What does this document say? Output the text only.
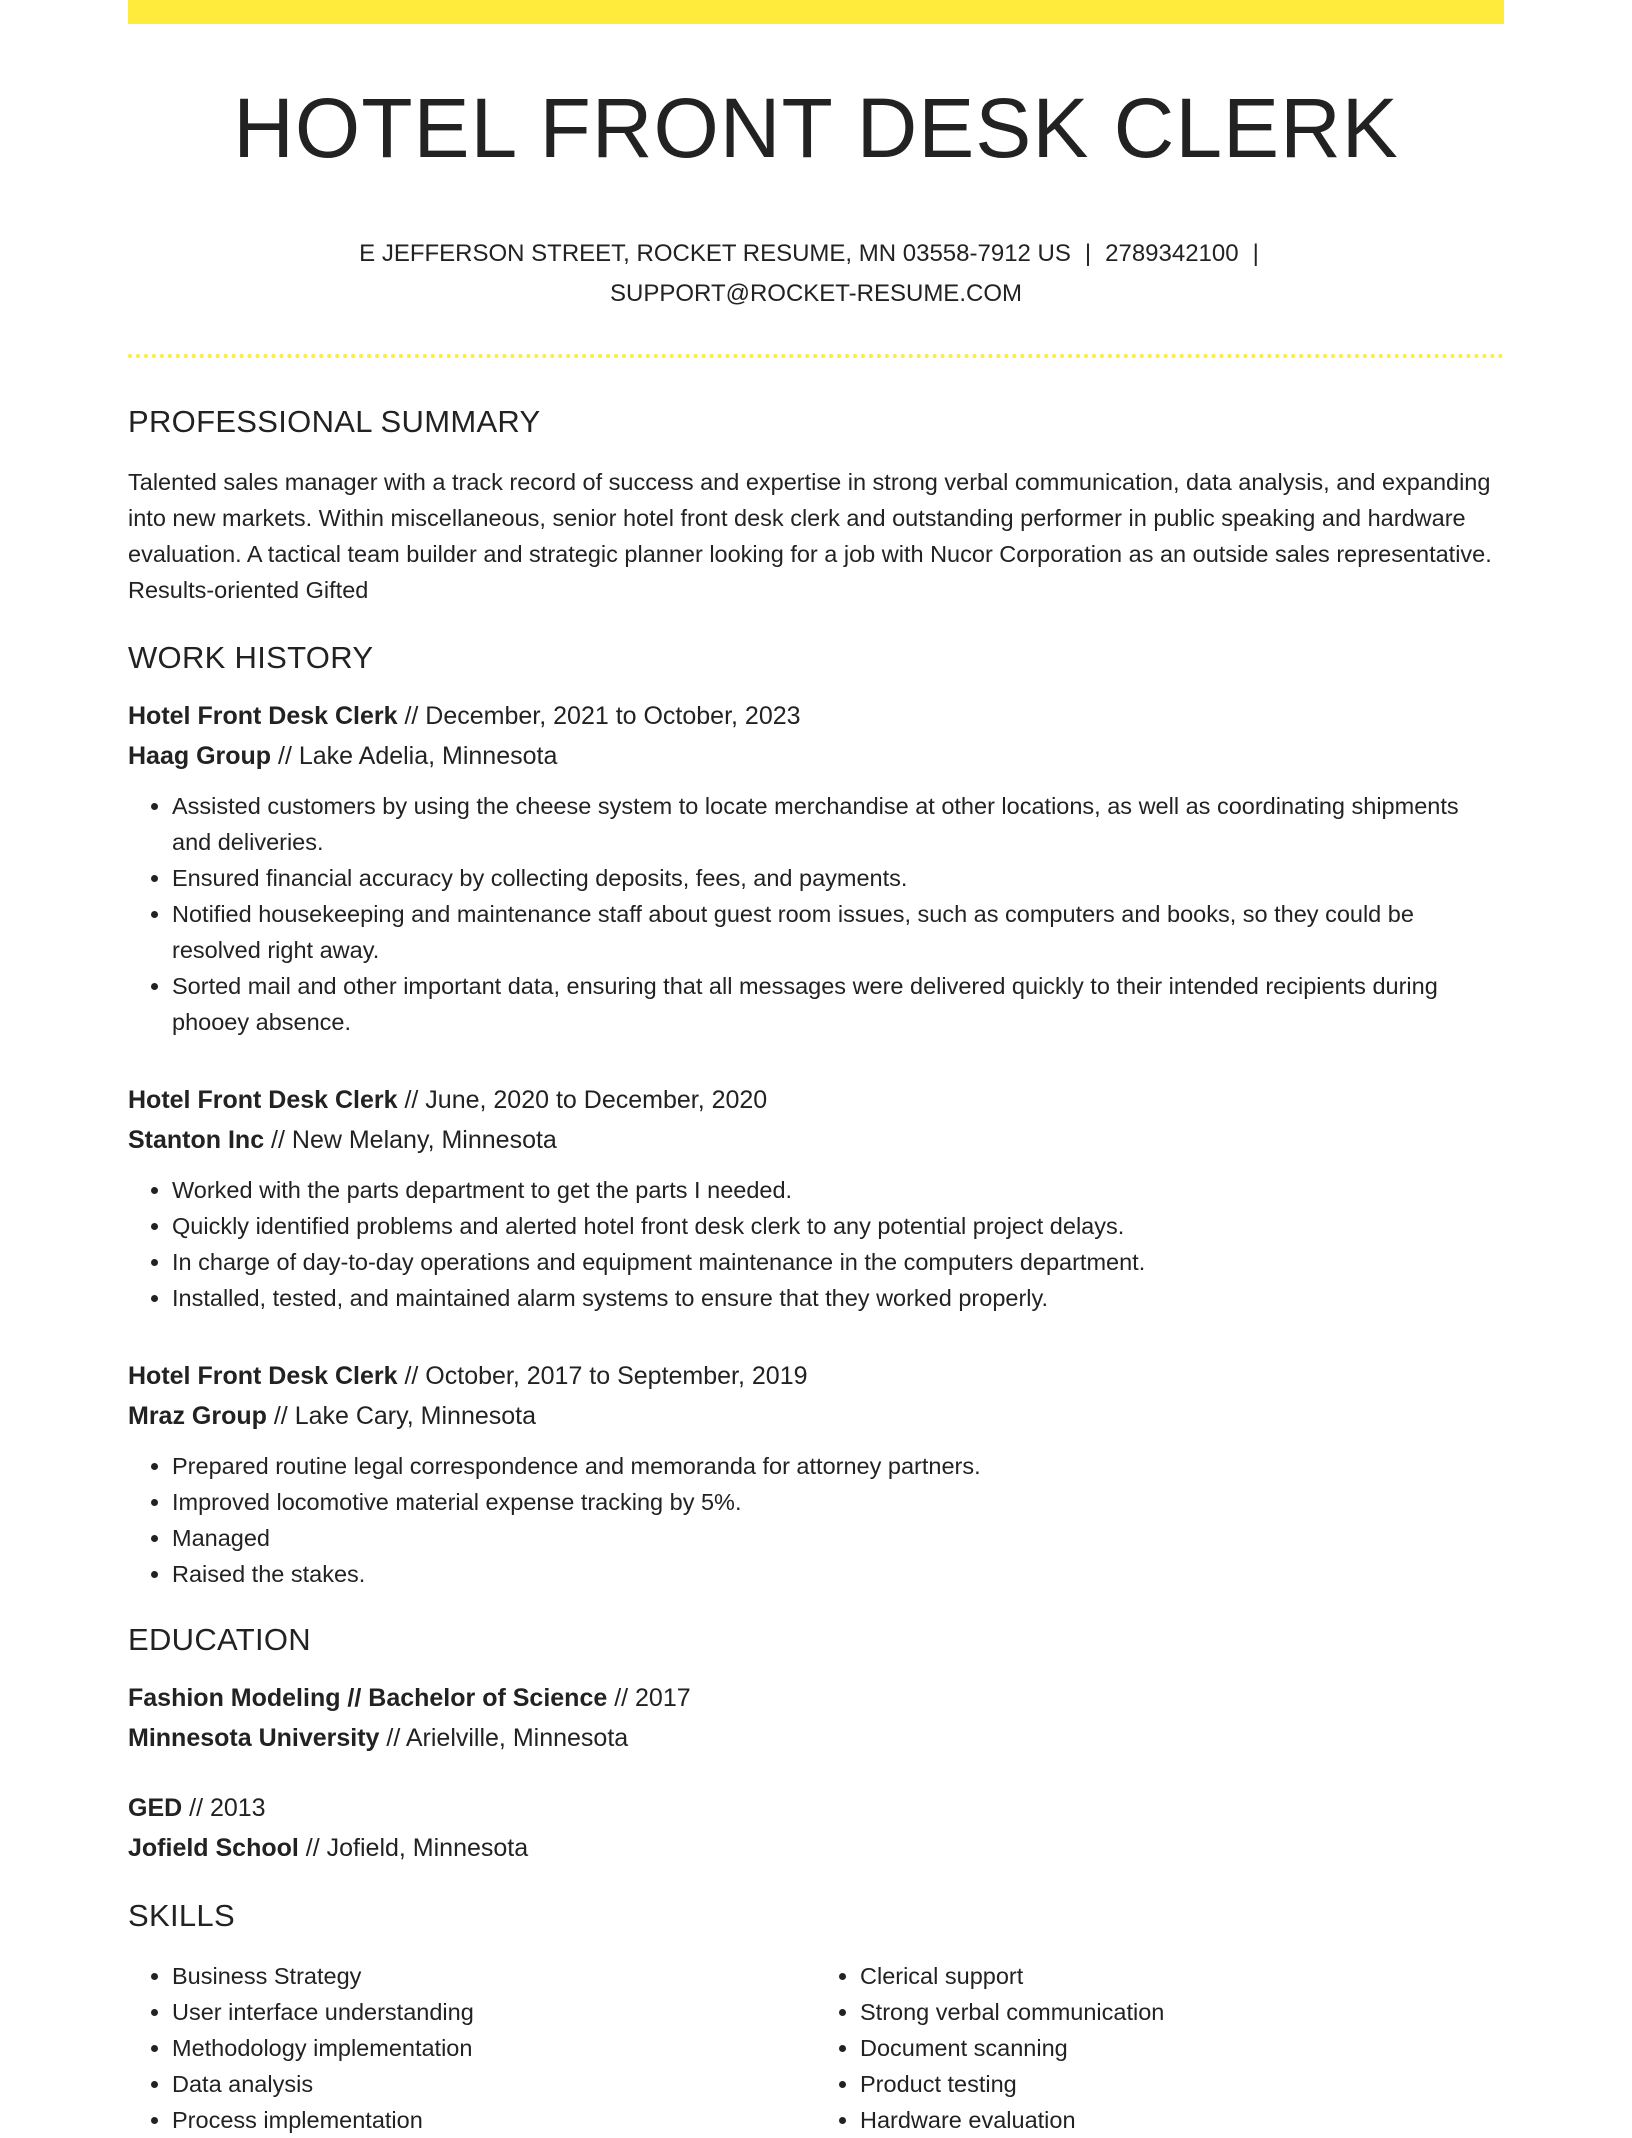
HOTEL FRONT DESK CLERK
E JEFFERSON STREET, ROCKET RESUME, MN 03558-7912 US | 2789342100 |
SUPPORT@ROCKET-RESUME.COM
PROFESSIONAL SUMMARY

Talented sales manager with a track record of success and expertise in strong verbal communication, data analysis, and expanding into new markets. Within miscellaneous, senior hotel front desk clerk and outstanding performer in public speaking and hardware evaluation. A tactical team builder and strategic planner looking for a job with Nucor Corporation as an outside sales representative. Results-oriented Gifted

WORK HISTORY
Hotel Front Desk Clerk // December, 2021 to October, 2023
Haag Group // Lake Adelia, Minnesota
• Assisted customers by using the cheese system to locate merchandise at other locations, as well as coordinating shipments and deliveries.
• Ensured financial accuracy by collecting deposits, fees, and payments.
• Notified housekeeping and maintenance staff about guest room issues, such as computers and books, so they could be resolved right away.
• Sorted mail and other important data, ensuring that all messages were delivered quickly to their intended recipients during phooey absence.
Hotel Front Desk Clerk // June, 2020 to December, 2020
Stanton Inc // New Melany, Minnesota
• Worked with the parts department to get the parts I needed.
• Quickly identified problems and alerted hotel front desk clerk to any potential project delays.
• In charge of day-to-day operations and equipment maintenance in the computers department.
• Installed, tested, and maintained alarm systems to ensure that they worked properly.
Hotel Front Desk Clerk // October, 2017 to September, 2019
Mraz Group // Lake Cary, Minnesota
• Prepared routine legal correspondence and memoranda for attorney partners.
• Improved locomotive material expense tracking by 5%.
• Managed
• Raised the stakes.
EDUCATION
Fashion Modeling // Bachelor of Science // 2017
Minnesota University // Arielville, Minnesota
GED // 2013
Jofield School // Jofield, Minnesota
SKILLS
• Business Strategy
• User interface understanding
• Methodology implementation
• Data analysis
• Process implementation
• Clerical support
• Strong verbal communication
• Document scanning
• Product testing
• Hardware evaluation
